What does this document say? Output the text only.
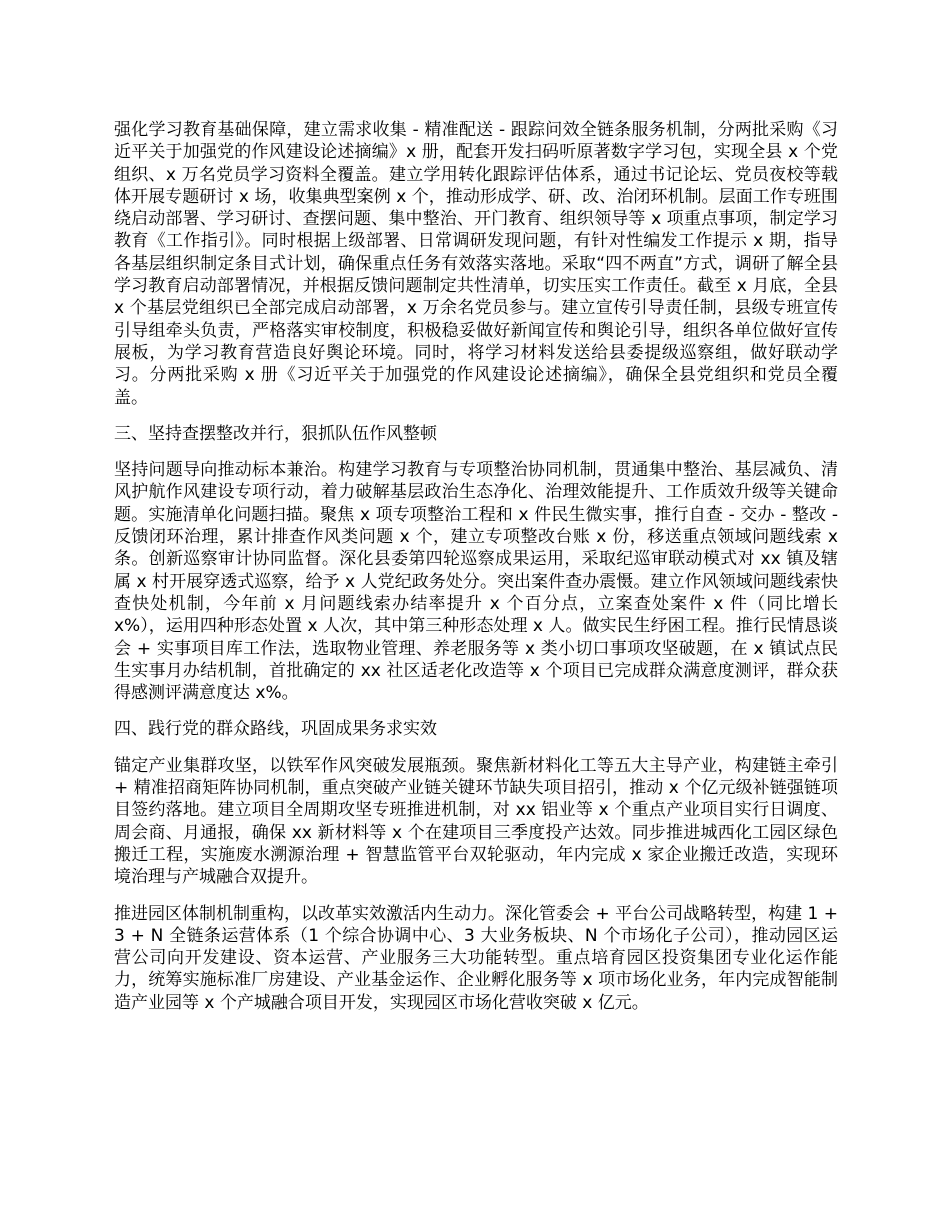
强化学习教育基础保障，建立需求收集 - 精准配送 - 跟踪问效全链条服务机制，分两批采购《习近平关于加强党的作风建设论述摘编》x 册，配套开发扫码听原著数字学习包，实现全县 x 个党组织、x 万名党员学习资料全覆盖。建立学用转化跟踪评估体系，通过书记论坛、党员夜校等载体开展专题研讨 x 场，收集典型案例 x 个，推动形成学、研、改、治闭环机制。层面工作专班围绕启动部署、学习研讨、查摆问题、集中整治、开门教育、组织领导等 x 项重点事项，制定学习教育《工作指引》。同时根据上级部署、日常调研发现问题，有针对性编发工作提示 x 期，指导各基层组织制定条目式计划，确保重点任务有效落实落地。采取“四不两直”方式，调研了解全县学习教育启动部署情况，并根据反馈问题制定共性清单，切实压实工作责任。截至 x 月底，全县 x 个基层党组织已全部完成启动部署，x 万余名党员参与。建立宣传引导责任制，县级专班宣传引导组牵头负责，严格落实审校制度，积极稳妥做好新闻宣传和舆论引导，组织各单位做好宣传展板，为学习教育营造良好舆论环境。同时，将学习材料发送给县委提级巡察组，做好联动学习。分两批采购 x 册《习近平关于加强党的作风建设论述摘编》，确保全县党组织和党员全覆盖。

三、坚持查摆整改并行，狠抓队伍作风整顿

坚持问题导向推动标本兼治。构建学习教育与专项整治协同机制，贯通集中整治、基层减负、清风护航作风建设专项行动，着力破解基层政治生态净化、治理效能提升、工作质效升级等关键命题。实施清单化问题扫描。聚焦 x 项专项整治工程和 x 件民生微实事，推行自查 - 交办 - 整改 - 反馈闭环治理，累计排查作风类问题 x 个，建立专项整改台账 x 份，移送重点领域问题线索 x 条。创新巡察审计协同监督。深化县委第四轮巡察成果运用，采取纪巡审联动模式对 xx 镇及辖属 x 村开展穿透式巡察，给予 x 人党纪政务处分。突出案件查办震慑。建立作风领域问题线索快查快处机制，今年前 x 月问题线索办结率提升 x 个百分点，立案查处案件 x 件（同比增长 x%），运用四种形态处置 x 人次，其中第三种形态处理 x 人。做实民生纾困工程。推行民情恳谈会 + 实事项目库工作法，选取物业管理、养老服务等 x 类小切口事项攻坚破题，在 x 镇试点民生实事月办结机制，首批确定的 xx 社区适老化改造等 x 个项目已完成群众满意度测评，群众获得感测评满意度达 x%。

四、践行党的群众路线，巩固成果务求实效

锚定产业集群攻坚，以铁军作风突破发展瓶颈。聚焦新材料化工等五大主导产业，构建链主牵引 + 精准招商矩阵协同机制，重点突破产业链关键环节缺失项目招引，推动 x 个亿元级补链强链项目签约落地。建立项目全周期攻坚专班推进机制，对 xx 铝业等 x 个重点产业项目实行日调度、周会商、月通报，确保 xx 新材料等 x 个在建项目三季度投产达效。同步推进城西化工园区绿色搬迁工程，实施废水溯源治理 + 智慧监管平台双轮驱动，年内完成 x 家企业搬迁改造，实现环境治理与产城融合双提升。

推进园区体制机制重构，以改革实效激活内生动力。深化管委会 + 平台公司战略转型，构建 1 + 3 + N 全链条运营体系（1 个综合协调中心、3 大业务板块、N 个市场化子公司），推动园区运营公司向开发建设、资本运营、产业服务三大功能转型。重点培育园区投资集团专业化运作能力，统筹实施标准厂房建设、产业基金运作、企业孵化服务等 x 项市场化业务，年内完成智能制造产业园等 x 个产城融合项目开发，实现园区市场化营收突破 x 亿元。
